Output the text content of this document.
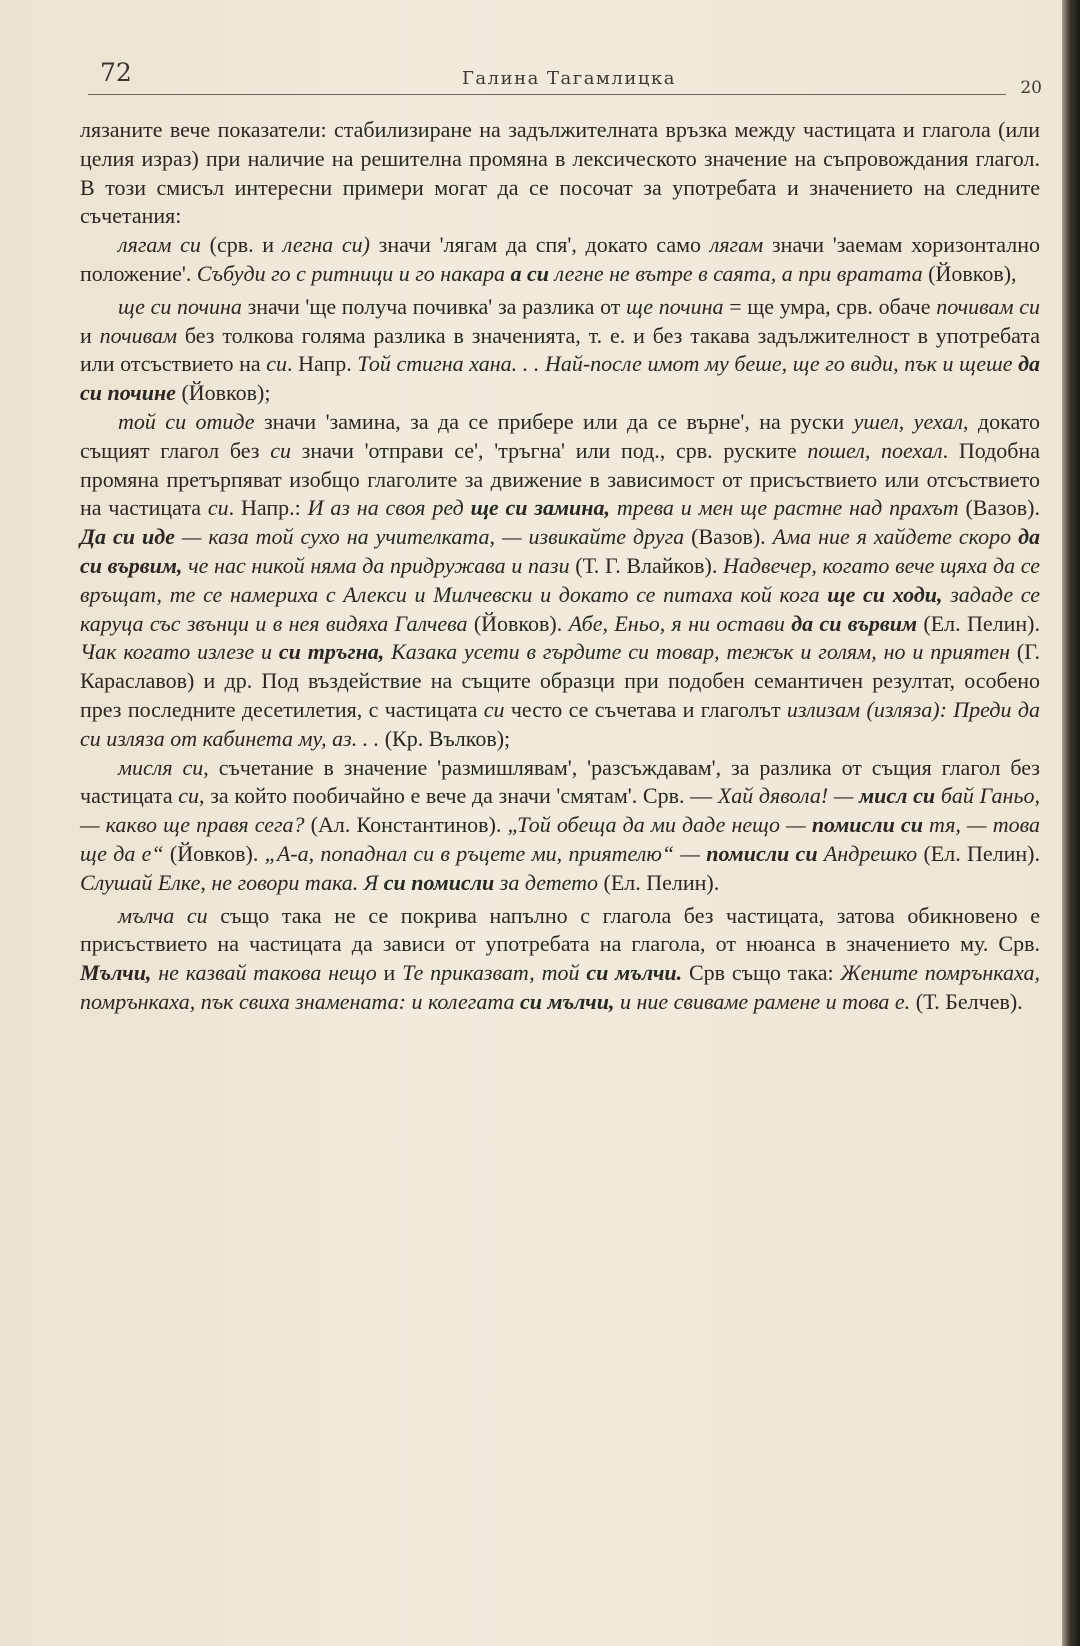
72	Галина Тагамлицка	20

лязаните вече показатели: стабилизиране на задължителната връзка между частицата и глагола (или целия израз) при наличие на решителна промяна в лексическото значение на съпровождания глагол. В този смисъл интересни примери могат да се посочат за употребата и значението на следните съчетания:

лягам си (срв. и легна си) значи 'лягам да спя', докато само лягам значи 'заемам хоризонтално положение'. Събуди го с ритници и го накара а си легне не вътре в саята, а при вратата (Йовков),

ще си почина значи 'ще получа почивка' за разлика от ще почина = ще умра, срв. обаче почивам си и почивам без толкова голяма разлика в значенията, т. е. и без такава задължителност в употребата или отсъствието на си. Напр. Той стигна хана. . . Най-после имот му беше, ще го види, пък и щеше да си почине (Йовков);

той си отиде значи 'замина, за да се прибере или да се върне', на руски ушел, уехал, докато същият глагол без си значи 'отправи се', 'тръгна' или под., срв. руските пошел, поехал. Подобна промяна претърпяват изобщо глаголите за движение в зависимост от присъствието или отсъствието на частицата си. Напр.: И аз на своя ред ще си замина, трева и мен ще растне над прахът (Вазов). Да си иде — каза той сухо на учителката, — извикайте друга (Вазов). Ама ние я хайдете скоро да си вървим, че нас никой няма да придружава и пази (Т. Г. Влайков). Надвечер, когато вече щяха да се връщат, те се намериха с Алекси и Милчевски и докато се питаха кой кога ще си ходи, зададе се каруца със звънци и в нея видяха Галчева (Йовков). Абе, Еньо, я ни остави да си вървим (Ел. Пелин). Чак когато излезе и си тръгна, Казака усети в гърдите си товар, тежък и голям, но и приятен (Г. Караславов) и др. Под въздействие на същите образци при подобен семантичен резултат, особено през последните десетилетия, с частицата си често се съчетава и глаголът излизам (изляза): Преди да си изляза от кабинета му, аз. . . (Кр. Вълков);

мисля си, съчетание в значение 'размишлявам', 'разсъждавам', за разлика от същия глагол без частицата си, за който пообичайно е вече да значи 'смятам'. Срв. — Хай дявола! — мисл си бай Ганьо, — какво ще правя сега? (Ал. Константинов). „Той обеща да ми даде нещо — помисли си тя, — това ще да е“ (Йовков). „А-а, попаднал си в ръцете ми, приятелю“ — помисли си Андрешко (Ел. Пелин). Слушай Елке, не говори така. Я си помисли за детето (Ел. Пелин).

мълча си също така не се покрива напълно с глагола без частицата, затова обикновено е присъствието на частицата да зависи от употребата на глагола, от нюанса в значението му. Срв. Мълчи, не казвай такова нещо и Те приказват, той си мълчи. Срв също така: Жените помрънкаха, помрънкаха, пък свиха знамената: и колегата си мълчи, и ние свиваме рамене и това е. (Т. Белчев).
